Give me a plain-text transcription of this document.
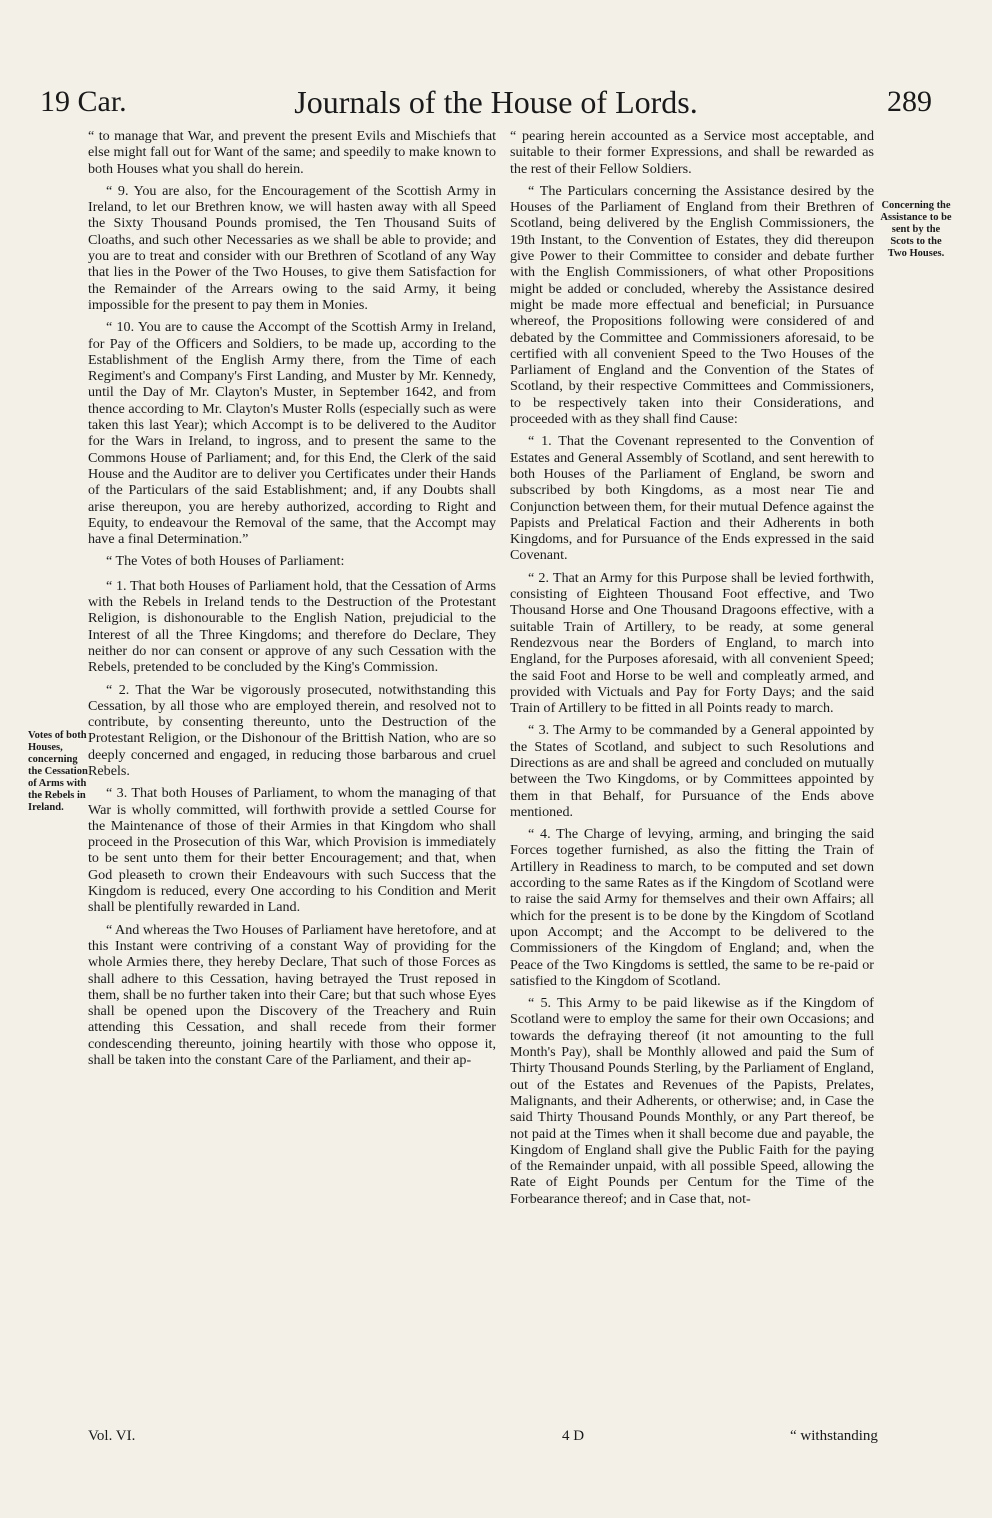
19 Car.	Journals of the House of Lords.	289
Votes of both Houses, concerning the Cessation of Arms with the Rebels in Ireland.
Concerning the Assistance to be sent by the Scots to the Two Houses.

“ to manage that War, and prevent the present Evils and Mischiefs that else might fall out for Want of the same; and speedily to make known to both Houses what you shall do herein.

“ 9. You are also, for the Encouragement of the Scottish Army in Ireland, to let our Brethren know, we will hasten away with all Speed the Sixty Thousand Pounds promised, the Ten Thousand Suits of Cloaths, and such other Necessaries as we shall be able to provide; and you are to treat and consider with our Brethren of Scotland of any Way that lies in the Power of the Two Houses, to give them Satisfaction for the Remainder of the Arrears owing to the said Army, it being impossible for the present to pay them in Monies.

“ 10. You are to cause the Accompt of the Scottish Army in Ireland, for Pay of the Officers and Soldiers, to be made up, according to the Establishment of the English Army there, from the Time of each Regiment's and Company's First Landing, and Muster by Mr. Kennedy, until the Day of Mr. Clayton's Muster, in September 1642, and from thence according to Mr. Clayton's Muster Rolls (especially such as were taken this last Year); which Accompt is to be delivered to the Auditor for the Wars in Ireland, to ingross, and to present the same to the Commons House of Parliament; and, for this End, the Clerk of the said House and the Auditor are to deliver you Certificates under their Hands of the Particulars of the said Establishment; and, if any Doubts shall arise thereupon, you are hereby authorized, according to Right and Equity, to endeavour the Removal of the same, that the Accompt may have a final Determination.”

“ The Votes of both Houses of Parliament:

“ 1. That both Houses of Parliament hold, that the Cessation of Arms with the Rebels in Ireland tends to the Destruction of the Protestant Religion, is dishonourable to the English Nation, prejudicial to the Interest of all the Three Kingdoms; and therefore do Declare, They neither do nor can consent or approve of any such Cessation with the Rebels, pretended to be concluded by the King's Commission.

“ 2. That the War be vigorously prosecuted, notwithstanding this Cessation, by all those who are employed therein, and resolved not to contribute, by consenting thereunto, unto the Destruction of the Protestant Religion, or the Dishonour of the Brittish Nation, who are so deeply concerned and engaged, in reducing those barbarous and cruel Rebels.

“ 3. That both Houses of Parliament, to whom the managing of that War is wholly committed, will forthwith provide a settled Course for the Maintenance of those of their Armies in that Kingdom who shall proceed in the Prosecution of this War, which Provision is immediately to be sent unto them for their better Encouragement; and that, when God pleaseth to crown their Endeavours with such Success that the Kingdom is reduced, every One according to his Condition and Merit shall be plentifully rewarded in Land.

“ And whereas the Two Houses of Parliament have heretofore, and at this Instant were contriving of a constant Way of providing for the whole Armies there, they hereby Declare, That such of those Forces as shall adhere to this Cessation, having betrayed the Trust reposed in them, shall be no further taken into their Care; but that such whose Eyes shall be opened upon the Discovery of the Treachery and Ruin attending this Cessation, and shall recede from their former condescending thereunto, joining heartily with those who oppose it, shall be taken into the constant Care of the Parliament, and their ap-

“ pearing herein accounted as a Service most acceptable, and suitable to their former Expressions, and shall be rewarded as the rest of their Fellow Soldiers.

“ The Particulars concerning the Assistance desired by the Houses of the Parliament of England from their Brethren of Scotland, being delivered by the English Commissioners, the 19th Instant, to the Convention of Estates, they did thereupon give Power to their Committee to consider and debate further with the English Commissioners, of what other Propositions might be added or concluded, whereby the Assistance desired might be made more effectual and beneficial; in Pursuance whereof, the Propositions following were considered of and debated by the Committee and Commissioners aforesaid, to be certified with all convenient Speed to the Two Houses of the Parliament of England and the Convention of the States of Scotland, by their respective Committees and Commissioners, to be respectively taken into their Considerations, and proceeded with as they shall find Cause:

“ 1. That the Covenant represented to the Convention of Estates and General Assembly of Scotland, and sent herewith to both Houses of the Parliament of England, be sworn and subscribed by both Kingdoms, as a most near Tie and Conjunction between them, for their mutual Defence against the Papists and Prelatical Faction and their Adherents in both Kingdoms, and for Pursuance of the Ends expressed in the said Covenant.

“ 2. That an Army for this Purpose shall be levied forthwith, consisting of Eighteen Thousand Foot effective, and Two Thousand Horse and One Thousand Dragoons effective, with a suitable Train of Artillery, to be ready, at some general Rendezvous near the Borders of England, to march into England, for the Purposes aforesaid, with all convenient Speed; the said Foot and Horse to be well and compleatly armed, and provided with Victuals and Pay for Forty Days; and the said Train of Artillery to be fitted in all Points ready to march.

“ 3. The Army to be commanded by a General appointed by the States of Scotland, and subject to such Resolutions and Directions as are and shall be agreed and concluded on mutually between the Two Kingdoms, or by Committees appointed by them in that Behalf, for Pursuance of the Ends above mentioned.

“ 4. The Charge of levying, arming, and bringing the said Forces together furnished, as also the fitting the Train of Artillery in Readiness to march, to be computed and set down according to the same Rates as if the Kingdom of Scotland were to raise the said Army for themselves and their own Affairs; all which for the present is to be done by the Kingdom of Scotland upon Accompt; and the Accompt to be delivered to the Commissioners of the Kingdom of England; and, when the Peace of the Two Kingdoms is settled, the same to be re-paid or satisfied to the Kingdom of Scotland.

“ 5. This Army to be paid likewise as if the Kingdom of Scotland were to employ the same for their own Occasions; and towards the defraying thereof (it not amounting to the full Month's Pay), shall be Monthly allowed and paid the Sum of Thirty Thousand Pounds Sterling, by the Parliament of England, out of the Estates and Revenues of the Papists, Prelates, Malignants, and their Adherents, or otherwise; and, in Case the said Thirty Thousand Pounds Monthly, or any Part thereof, be not paid at the Times when it shall become due and payable, the Kingdom of England shall give the Public Faith for the paying of the Remainder unpaid, with all possible Speed, allowing the Rate of Eight Pounds per Centum for the Time of the Forbearance thereof; and in Case that, not-

Vol. VI.	4 D	“ withstanding
